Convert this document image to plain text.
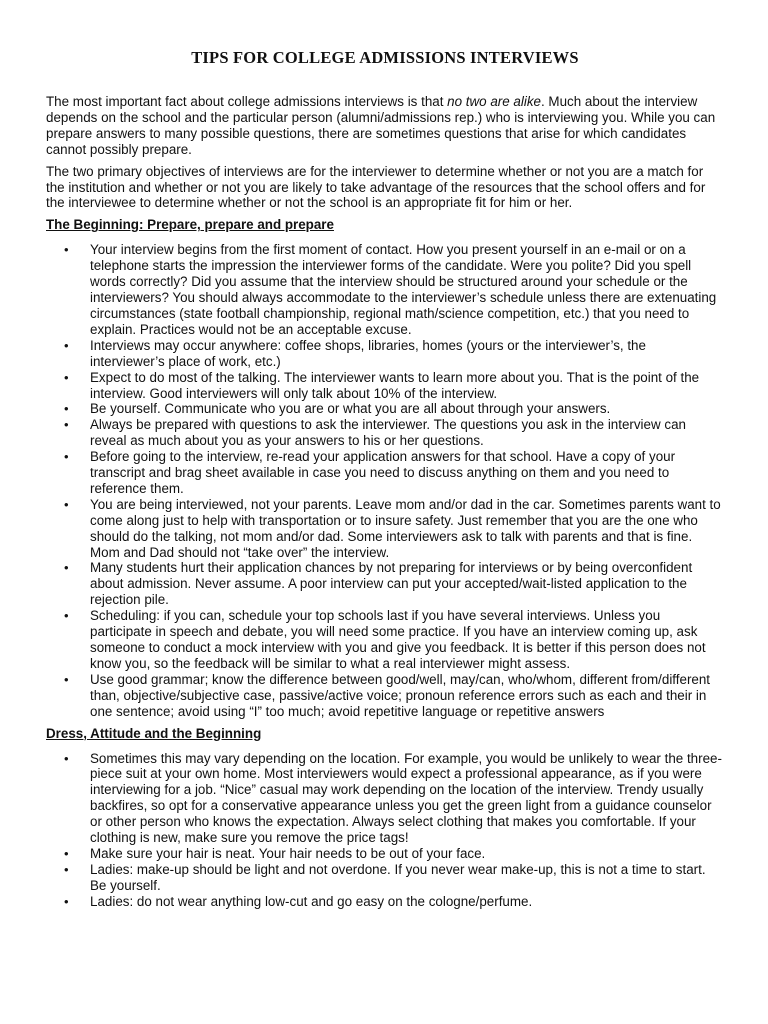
TIPS FOR COLLEGE ADMISSIONS INTERVIEWS

The most important fact about college admissions interviews is that no two are alike. Much about the interview depends on the school and the particular person (alumni/admissions rep.) who is interviewing you. While you can prepare answers to many possible questions, there are sometimes questions that arise for which candidates cannot possibly prepare.

The two primary objectives of interviews are for the interviewer to determine whether or not you are a match for the institution and whether or not you are likely to take advantage of the resources that the school offers and for the interviewee to determine whether or not the school is an appropriate fit for him or her.

The Beginning: Prepare, prepare and prepare
• Your interview begins from the first moment of contact. How you present yourself in an e-mail or on a telephone starts the impression the interviewer forms of the candidate. Were you polite? Did you spell words correctly? Did you assume that the interview should be structured around your schedule or the interviewers? You should always accommodate to the interviewer’s schedule unless there are extenuating circumstances (state football championship, regional math/science competition, etc.) that you need to explain. Practices would not be an acceptable excuse.
• Interviews may occur anywhere: coffee shops, libraries, homes (yours or the interviewer’s, the interviewer’s place of work, etc.)
• Expect to do most of the talking. The interviewer wants to learn more about you. That is the point of the interview. Good interviewers will only talk about 10% of the interview.
• Be yourself. Communicate who you are or what you are all about through your answers.
• Always be prepared with questions to ask the interviewer. The questions you ask in the interview can reveal as much about you as your answers to his or her questions.
• Before going to the interview, re-read your application answers for that school. Have a copy of your transcript and brag sheet available in case you need to discuss anything on them and you need to reference them.
• You are being interviewed, not your parents. Leave mom and/or dad in the car. Sometimes parents want to come along just to help with transportation or to insure safety. Just remember that you are the one who should do the talking, not mom and/or dad. Some interviewers ask to talk with parents and that is fine. Mom and Dad should not “take over” the interview.
• Many students hurt their application chances by not preparing for interviews or by being overconfident about admission. Never assume. A poor interview can put your accepted/wait-listed application to the rejection pile.
• Scheduling: if you can, schedule your top schools last if you have several interviews. Unless you participate in speech and debate, you will need some practice. If you have an interview coming up, ask someone to conduct a mock interview with you and give you feedback. It is better if this person does not know you, so the feedback will be similar to what a real interviewer might assess.
• Use good grammar; know the difference between good/well, may/can, who/whom, different from/different than, objective/subjective case, passive/active voice; pronoun reference errors such as each and their in one sentence; avoid using “I” too much; avoid repetitive language or repetitive answers
Dress, Attitude and the Beginning
• Sometimes this may vary depending on the location. For example, you would be unlikely to wear the three-piece suit at your own home. Most interviewers would expect a professional appearance, as if you were interviewing for a job. “Nice” casual may work depending on the location of the interview. Trendy usually backfires, so opt for a conservative appearance unless you get the green light from a guidance counselor or other person who knows the expectation. Always select clothing that makes you comfortable. If your clothing is new, make sure you remove the price tags!
• Make sure your hair is neat. Your hair needs to be out of your face.
• Ladies: make-up should be light and not overdone. If you never wear make-up, this is not a time to start. Be yourself.
• Ladies: do not wear anything low-cut and go easy on the cologne/perfume.
